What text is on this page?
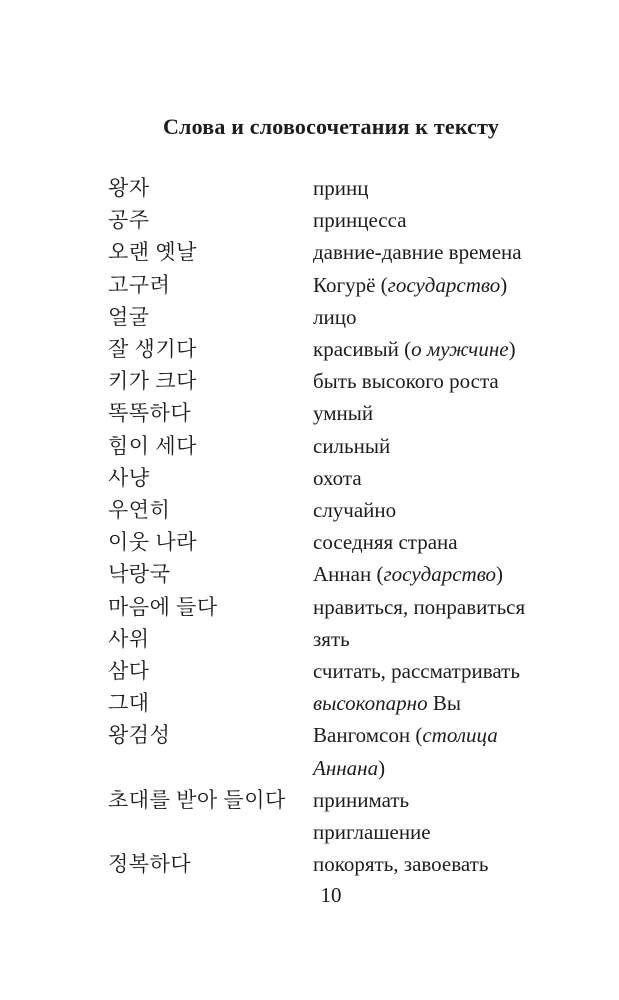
Слова и словосочетания к тексту
왕자	принц
공주	принцесса
오랜 옛날	давние-давние времена
고구려	Когурё (государство)
얼굴	лицо
잘 생기다	красивый (о мужчине)
키가 크다	быть высокого роста
똑똑하다	умный
힘이 세다	сильный
사냥	охота
우연히	случайно
이웃 나라	соседняя страна
낙랑국	Аннан (государство)
마음에 들다	нравиться, понравиться
사위	зять
삼다	считать, рассматривать
그대	высокопарно Вы
왕검성	Вангомсон (столица
Аннана)
초대를 받아 들이다	принимать
приглашение
정복하다	покорять, завоевать
10
